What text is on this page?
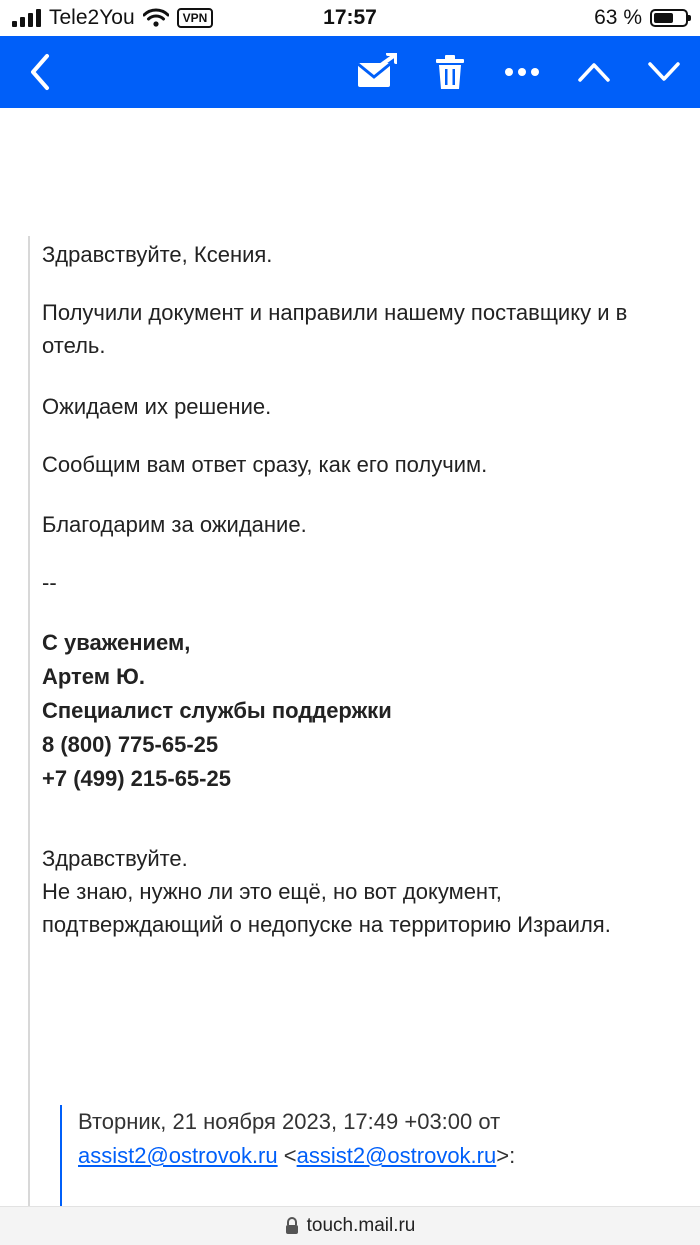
Tele2You	VPN	17:57	63 %

Здравствуйте, Ксения.

Получили документ и направили нашему поставщику и в отель.

Ожидаем их решение.

Сообщим вам ответ сразу, как его получим.

Благодарим за ожидание.

--

С уважением,
Артем Ю.
Специалист службы поддержки
8 (800) 775-65-25
+7 (499) 215-65-25

Здравствуйте.

Не знаю, нужно ли это ещё, но вот документ, подтверждающий о недопуске на территорию Израиля.

Вторник, 21 ноября 2023, 17:49 +03:00 от
assist2@ostrovok.ru <assist2@ostrovok.ru>:
touch.mail.ru
